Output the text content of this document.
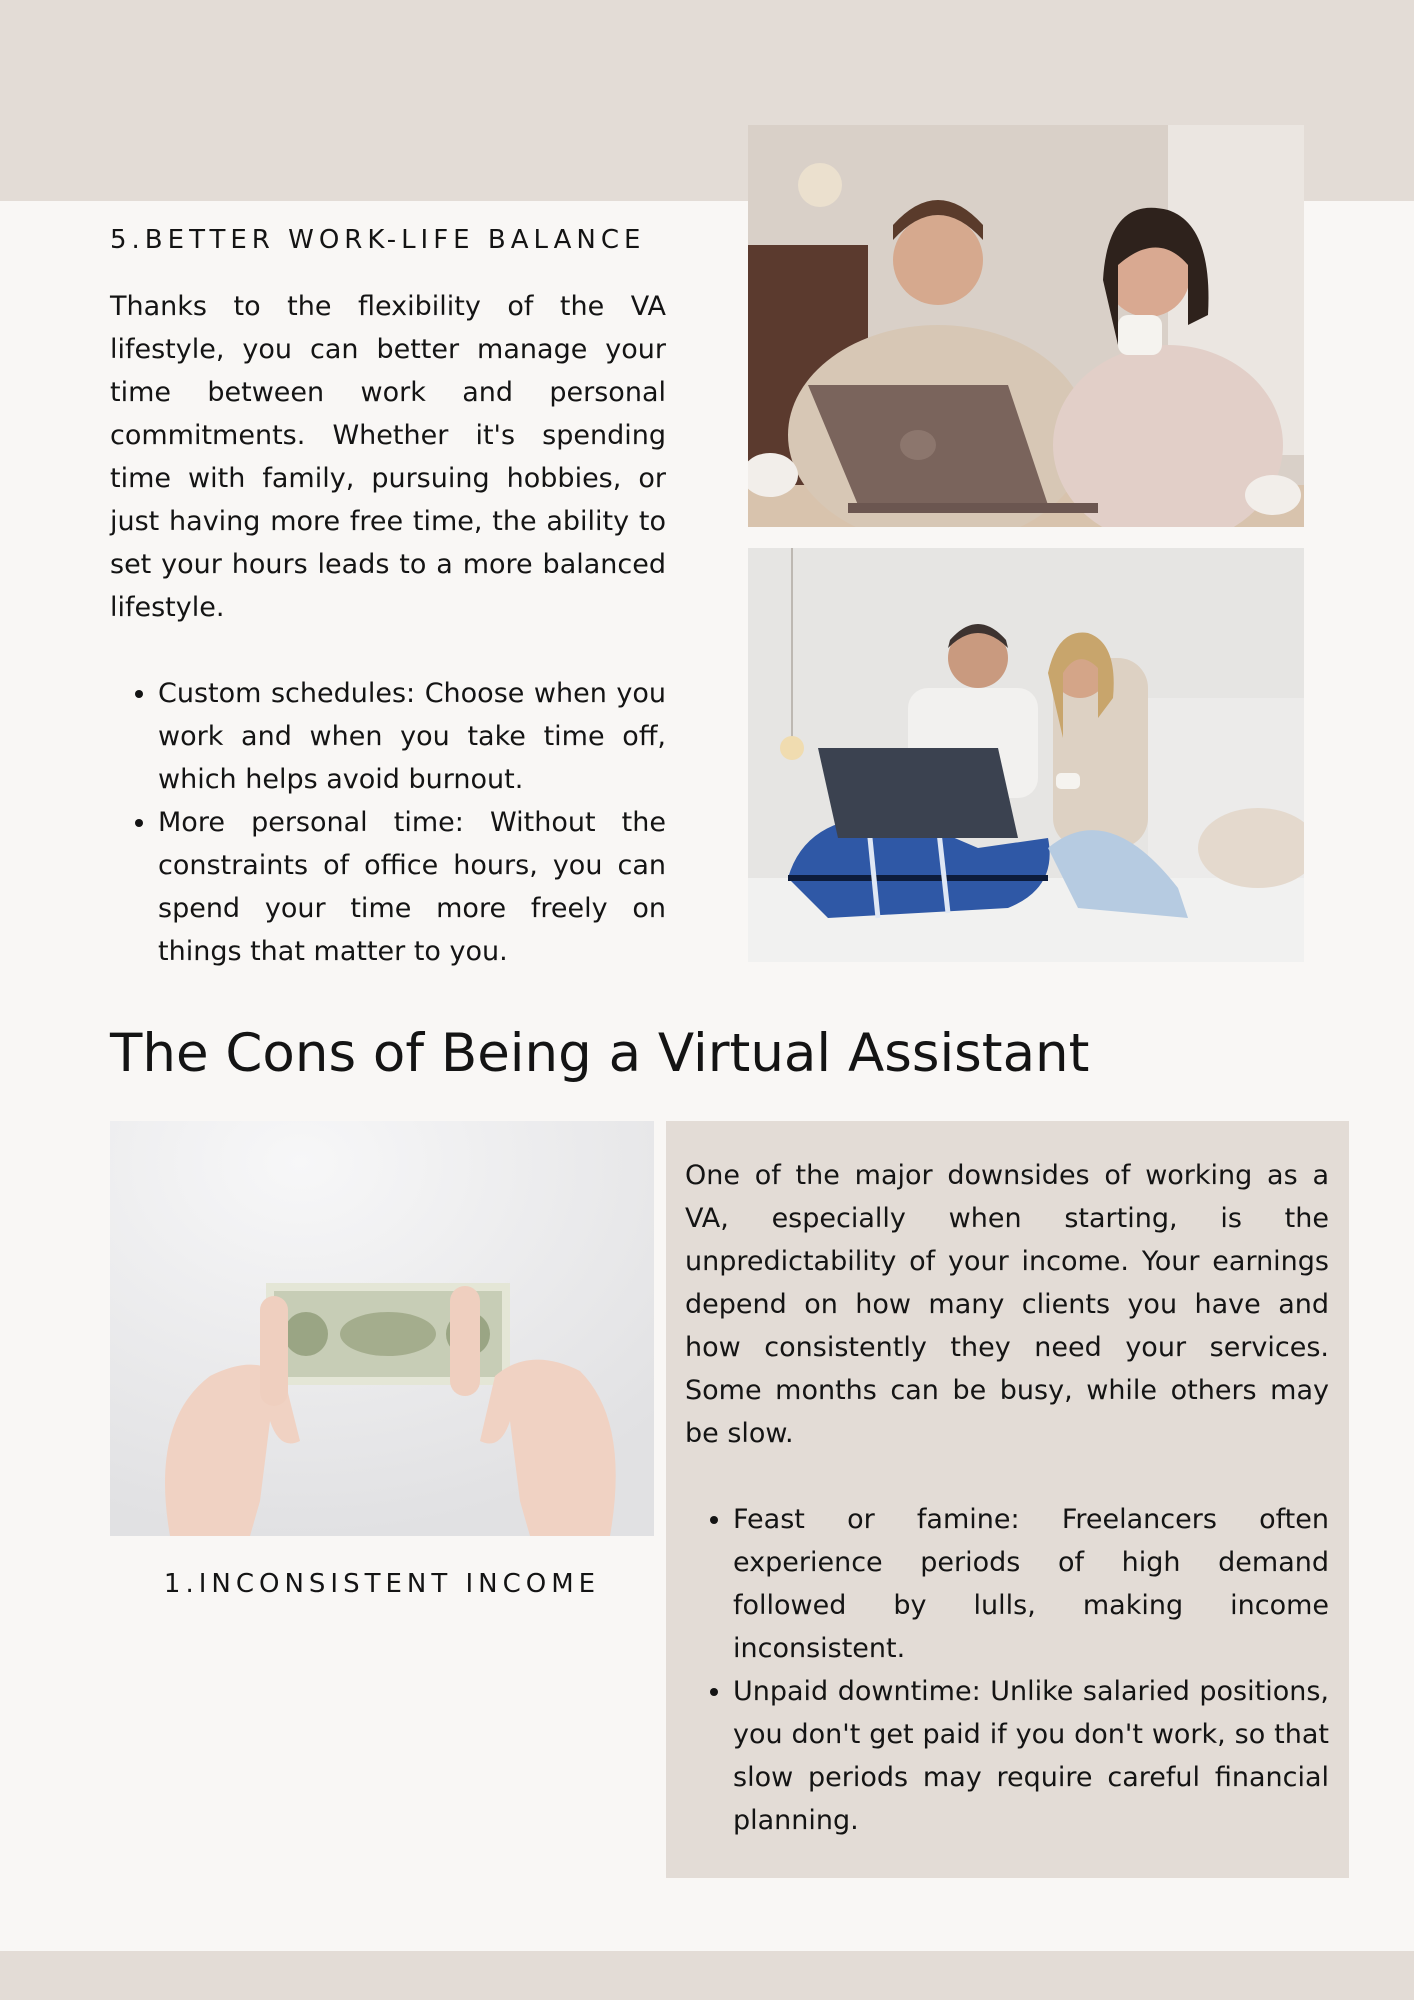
5.BETTER WORK-LIFE BALANCE

Thanks to the flexibility of the VA lifestyle, you can better manage your time between work and personal commitments. Whether it's spending time with family, pursuing hobbies, or just having more free time, the ability to set your hours leads to a more balanced lifestyle.

• Custom schedules: Choose when you work and when you take time off, which helps avoid burnout.
• More personal time: Without the constraints of office hours, you can spend your time more freely on things that matter to you.
The Cons of Being a Virtual Assistant
1.INCONSISTENT INCOME

One of the major downsides of working as a VA, especially when starting, is the unpredictability of your income. Your earnings depend on how many clients you have and how consistently they need your services. Some months can be busy, while others may be slow.

• Feast or famine: Freelancers often experience periods of high demand followed by lulls, making income inconsistent.
• Unpaid downtime: Unlike salaried positions, you don't get paid if you don't work, so that slow periods may require careful financial planning.
